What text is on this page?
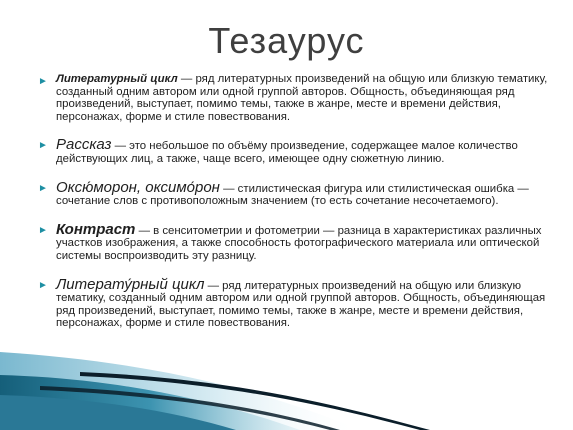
Тезаурус
► Литературный цикл — ряд литературных произведений на общую или близкую тематику, созданный одним автором или одной группой авторов. Общность, объединяющая ряд произведений, выступает, помимо темы, также в жанре, месте и времени действия, персонажах, форме и стиле повествования.
► Рассказ — это небольшое по объёму произведение, содержащее малое количество действующих лиц, а также, чаще всего, имеющее одну сюжетную линию.
► Оксю́морон, оксимо́рон — стилистическая фигура или стилистическая ошибка — сочетание слов с противоположным значением (то есть сочетание несочетаемого).
► Контраст — в сенситометрии и фотометрии — разница в характеристиках различных участков изображения, а также способность фотографического материала или оптической системы воспроизводить эту разницу.
► Литерату́рный цикл — ряд литературных произведений на общую или близкую тематику, созданный одним автором или одной группой авторов. Общность, объединяющая ряд произведений, выступает, помимо темы, также в жанре, месте и времени действия, персонажах, форме и стиле повествования.
